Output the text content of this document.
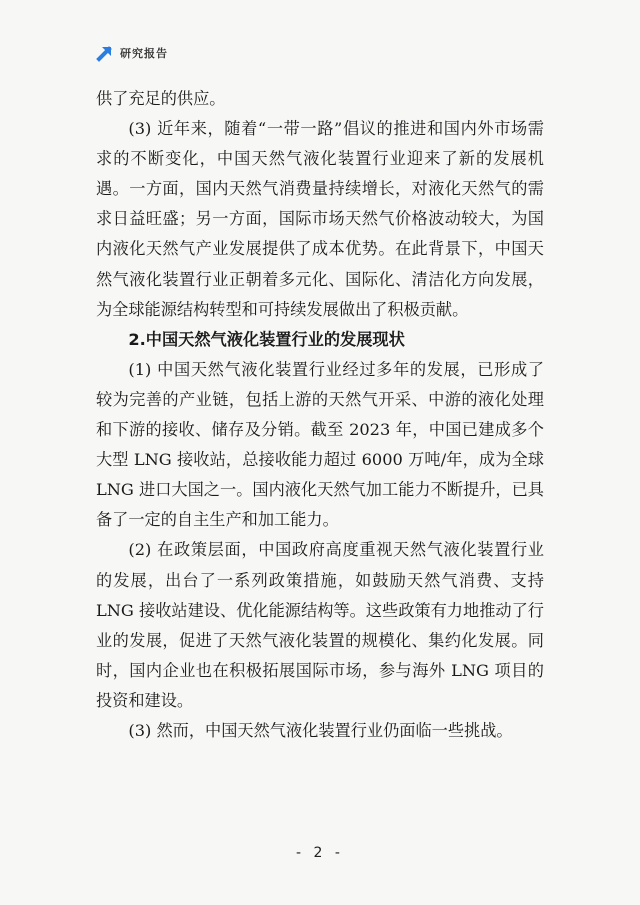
研究报告

供了充足的供应。

(3) 近年来，随着“一带一路”倡议的推进和国内外市场需求的不断变化，中国天然气液化装置行业迎来了新的发展机遇。一方面，国内天然气消费量持续增长，对液化天然气的需求日益旺盛；另一方面，国际市场天然气价格波动较大，为国内液化天然气产业发展提供了成本优势。在此背景下，中国天然气液化装置行业正朝着多元化、国际化、清洁化方向发展，为全球能源结构转型和可持续发展做出了积极贡献。

2.中国天然气液化装置行业的发展现状

(1) 中国天然气液化装置行业经过多年的发展，已形成了较为完善的产业链，包括上游的天然气开采、中游的液化处理和下游的接收、储存及分销。截至 2023 年，中国已建成多个大型 LNG 接收站，总接收能力超过 6000 万吨/年，成为全球 LNG 进口大国之一。国内液化天然气加工能力不断提升，已具备了一定的自主生产和加工能力。

(2) 在政策层面，中国政府高度重视天然气液化装置行业的发展，出台了一系列政策措施，如鼓励天然气消费、支持 LNG 接收站建设、优化能源结构等。这些政策有力地推动了行业的发展，促进了天然气液化装置的规模化、集约化发展。同时，国内企业也在积极拓展国际市场，参与海外 LNG 项目的投资和建设。

(3) 然而，中国天然气液化装置行业仍面临一些挑战。

- 2 -
